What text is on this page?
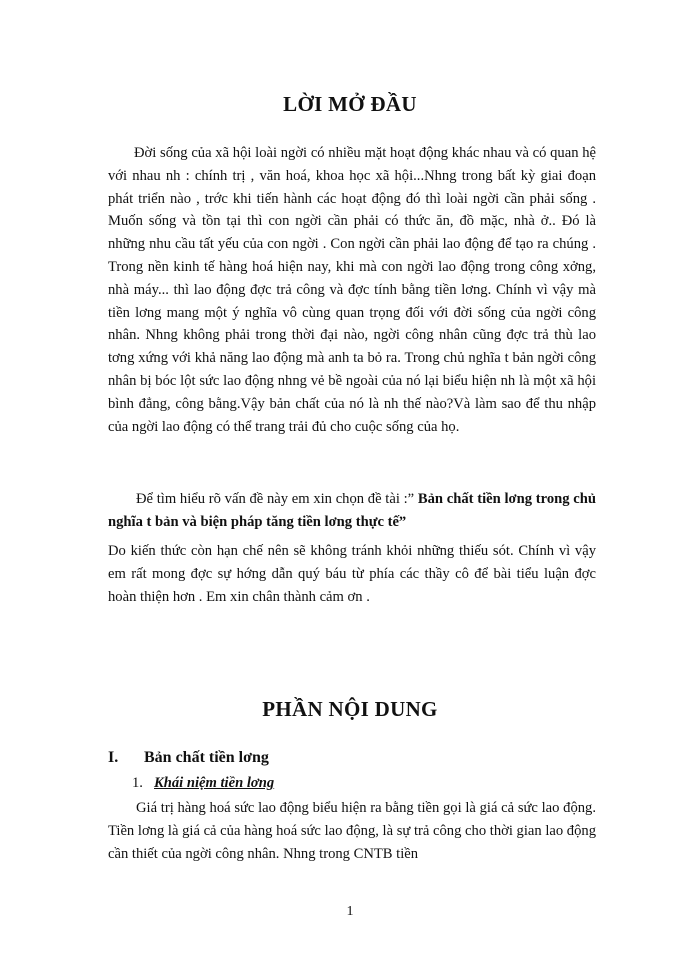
LỜI MỞ ĐẦU
Đời sống của xã hội loài ngời có nhiều mặt hoạt động khác nhau và có quan hệ với nhau nh : chính trị , văn hoá, khoa học xã hội...Nhng trong bất kỳ giai đoạn phát triển nào , trớc khi tiến hành các hoạt động đó thì loài ngời cần phải sống . Muốn sống và tồn tại thì con ngời cần phải có thức ăn, đồ mặc, nhà ở.. Đó là những nhu cầu tất yếu của con ngời . Con ngời cần phải lao động để tạo ra chúng . Trong nền kinh tế hàng hoá hiện nay, khi mà con ngời lao động trong công xởng, nhà máy... thì lao động đợc trả công và đợc tính bằng tiền lơng. Chính vì vậy mà tiền lơng mang một ý nghĩa vô cùng quan trọng đối với đời sống của ngời công nhân. Nhng không phải trong thời đại nào, ngời công nhân cũng đợc trả thù lao tơng xứng với khả năng lao động mà anh ta bỏ ra. Trong chủ nghĩa t bản ngời công nhân bị bóc lột sức lao động nhng vẻ bề ngoài của nó lại biểu hiện nh là một xã hội bình đẳng, công bằng.Vậy bản chất của nó là nh thế nào?Và làm sao để thu nhập của ngời lao động có thể trang trải đủ cho cuộc sống của họ.
Để tìm hiểu rõ vấn đề này em xin chọn đề tài :” Bản chất tiền lơng trong chủ nghĩa t bản và biện pháp tăng tiền lơng thực tế”
Do kiến thức còn hạn chế nên sẽ không tránh khỏi những thiếu sót. Chính vì vậy em rất mong đợc sự hớng dẫn quý báu từ phía các thầy cô để bài tiểu luận đợc hoàn thiện hơn . Em xin chân thành cảm ơn .
PHẦN NỘI DUNG
I. Bản chất tiền lơng
1. Khái niệm tiền lơng
Giá trị hàng hoá sức lao động biểu hiện ra bằng tiền gọi là giá cả sức lao động. Tiền lơng là giá cả của hàng hoá sức lao động, là sự trả công cho thời gian lao động cần thiết của ngời công nhân. Nhng trong CNTB tiền
1
